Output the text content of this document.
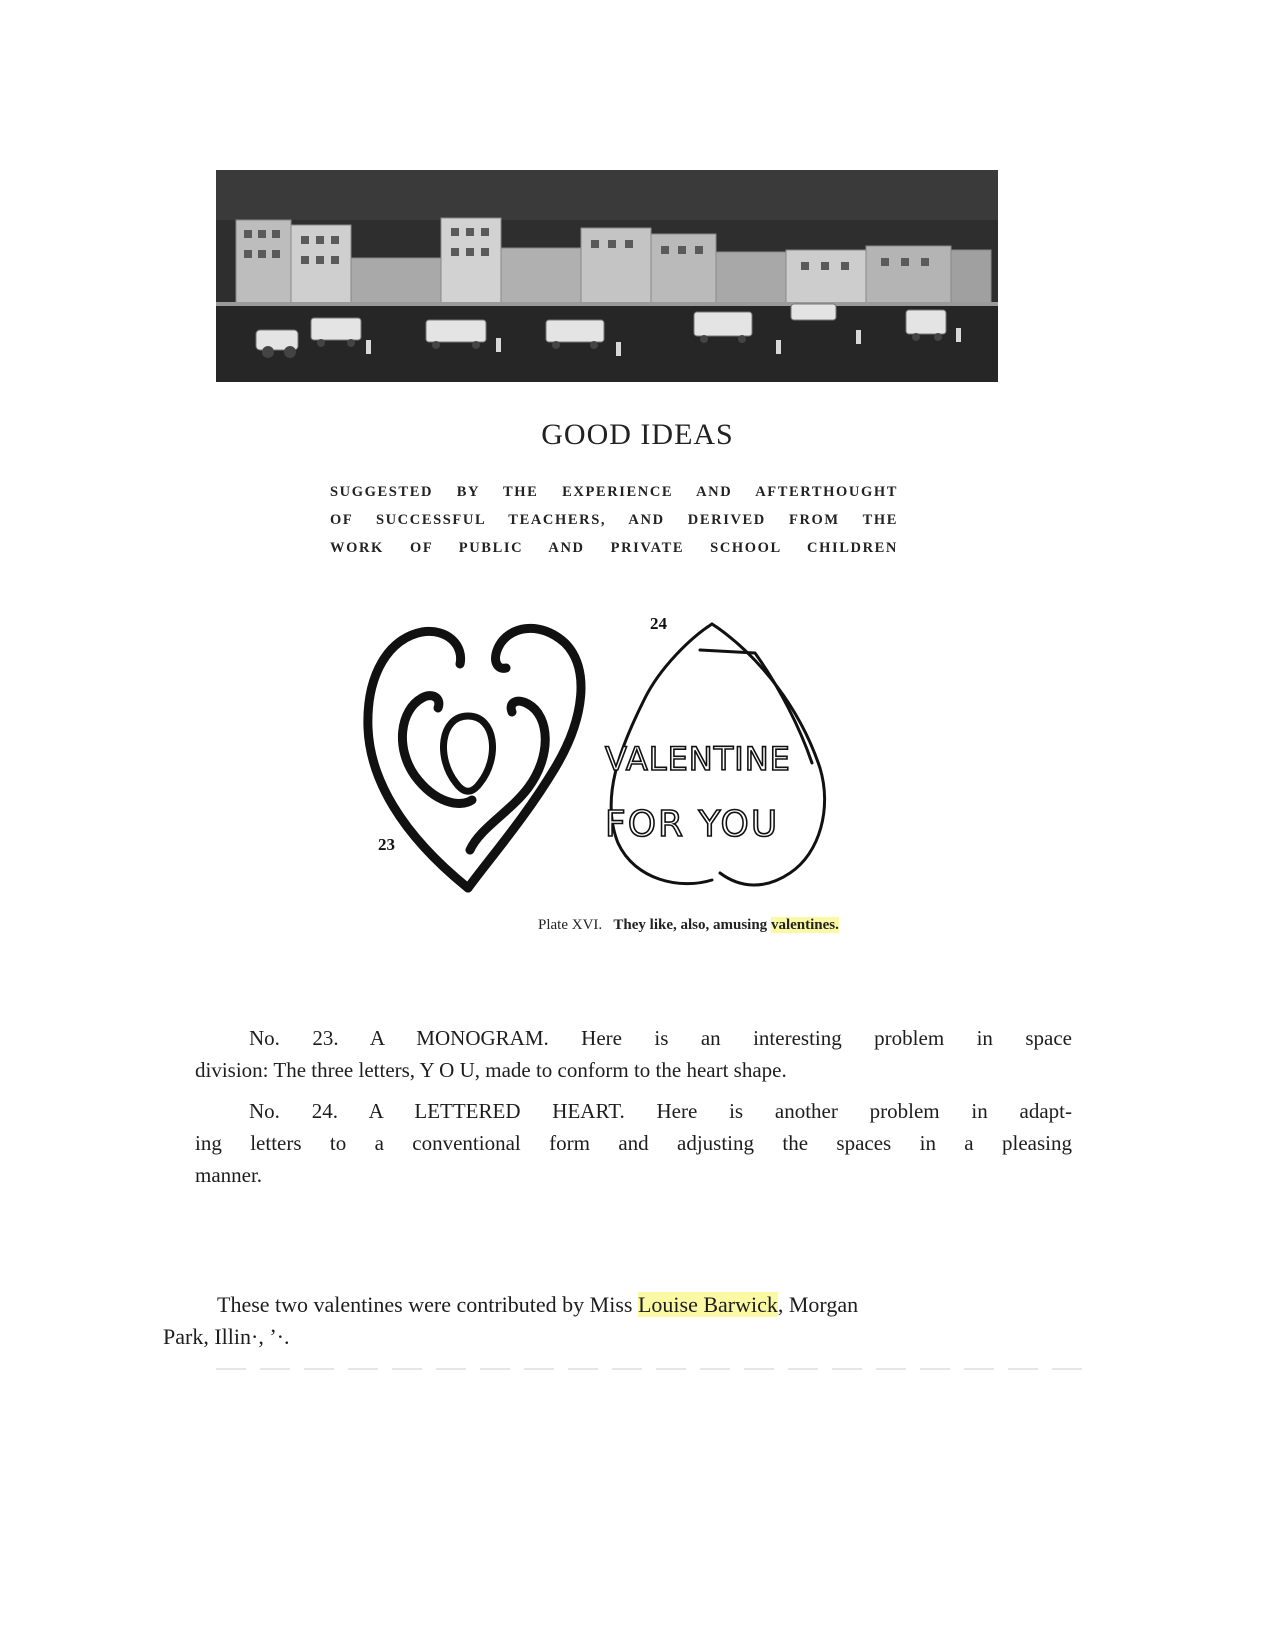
GOOD IDEAS
SUGGESTED BY THE EXPERIENCE AND AFTERTHOUGHT
OF SUCCESSFUL TEACHERS, AND DERIVED FROM THE
WORK OF PUBLIC AND PRIVATE SCHOOL CHILDREN
23
24
VALENTINE
FOR YOU
Plate XVI. They like, also, amusing valentines.
No. 23. A MONOGRAM. Here is an interesting problem in space
division: The three letters, Y O U, made to conform to the heart shape.
No. 24. A LETTERED HEART. Here is another problem in adapt-
ing letters to a conventional form and adjusting the spaces in a pleasing
manner.
These two valentines were contributed by Miss Louise Barwick, Morgan
Park, Illin·, ’·.
